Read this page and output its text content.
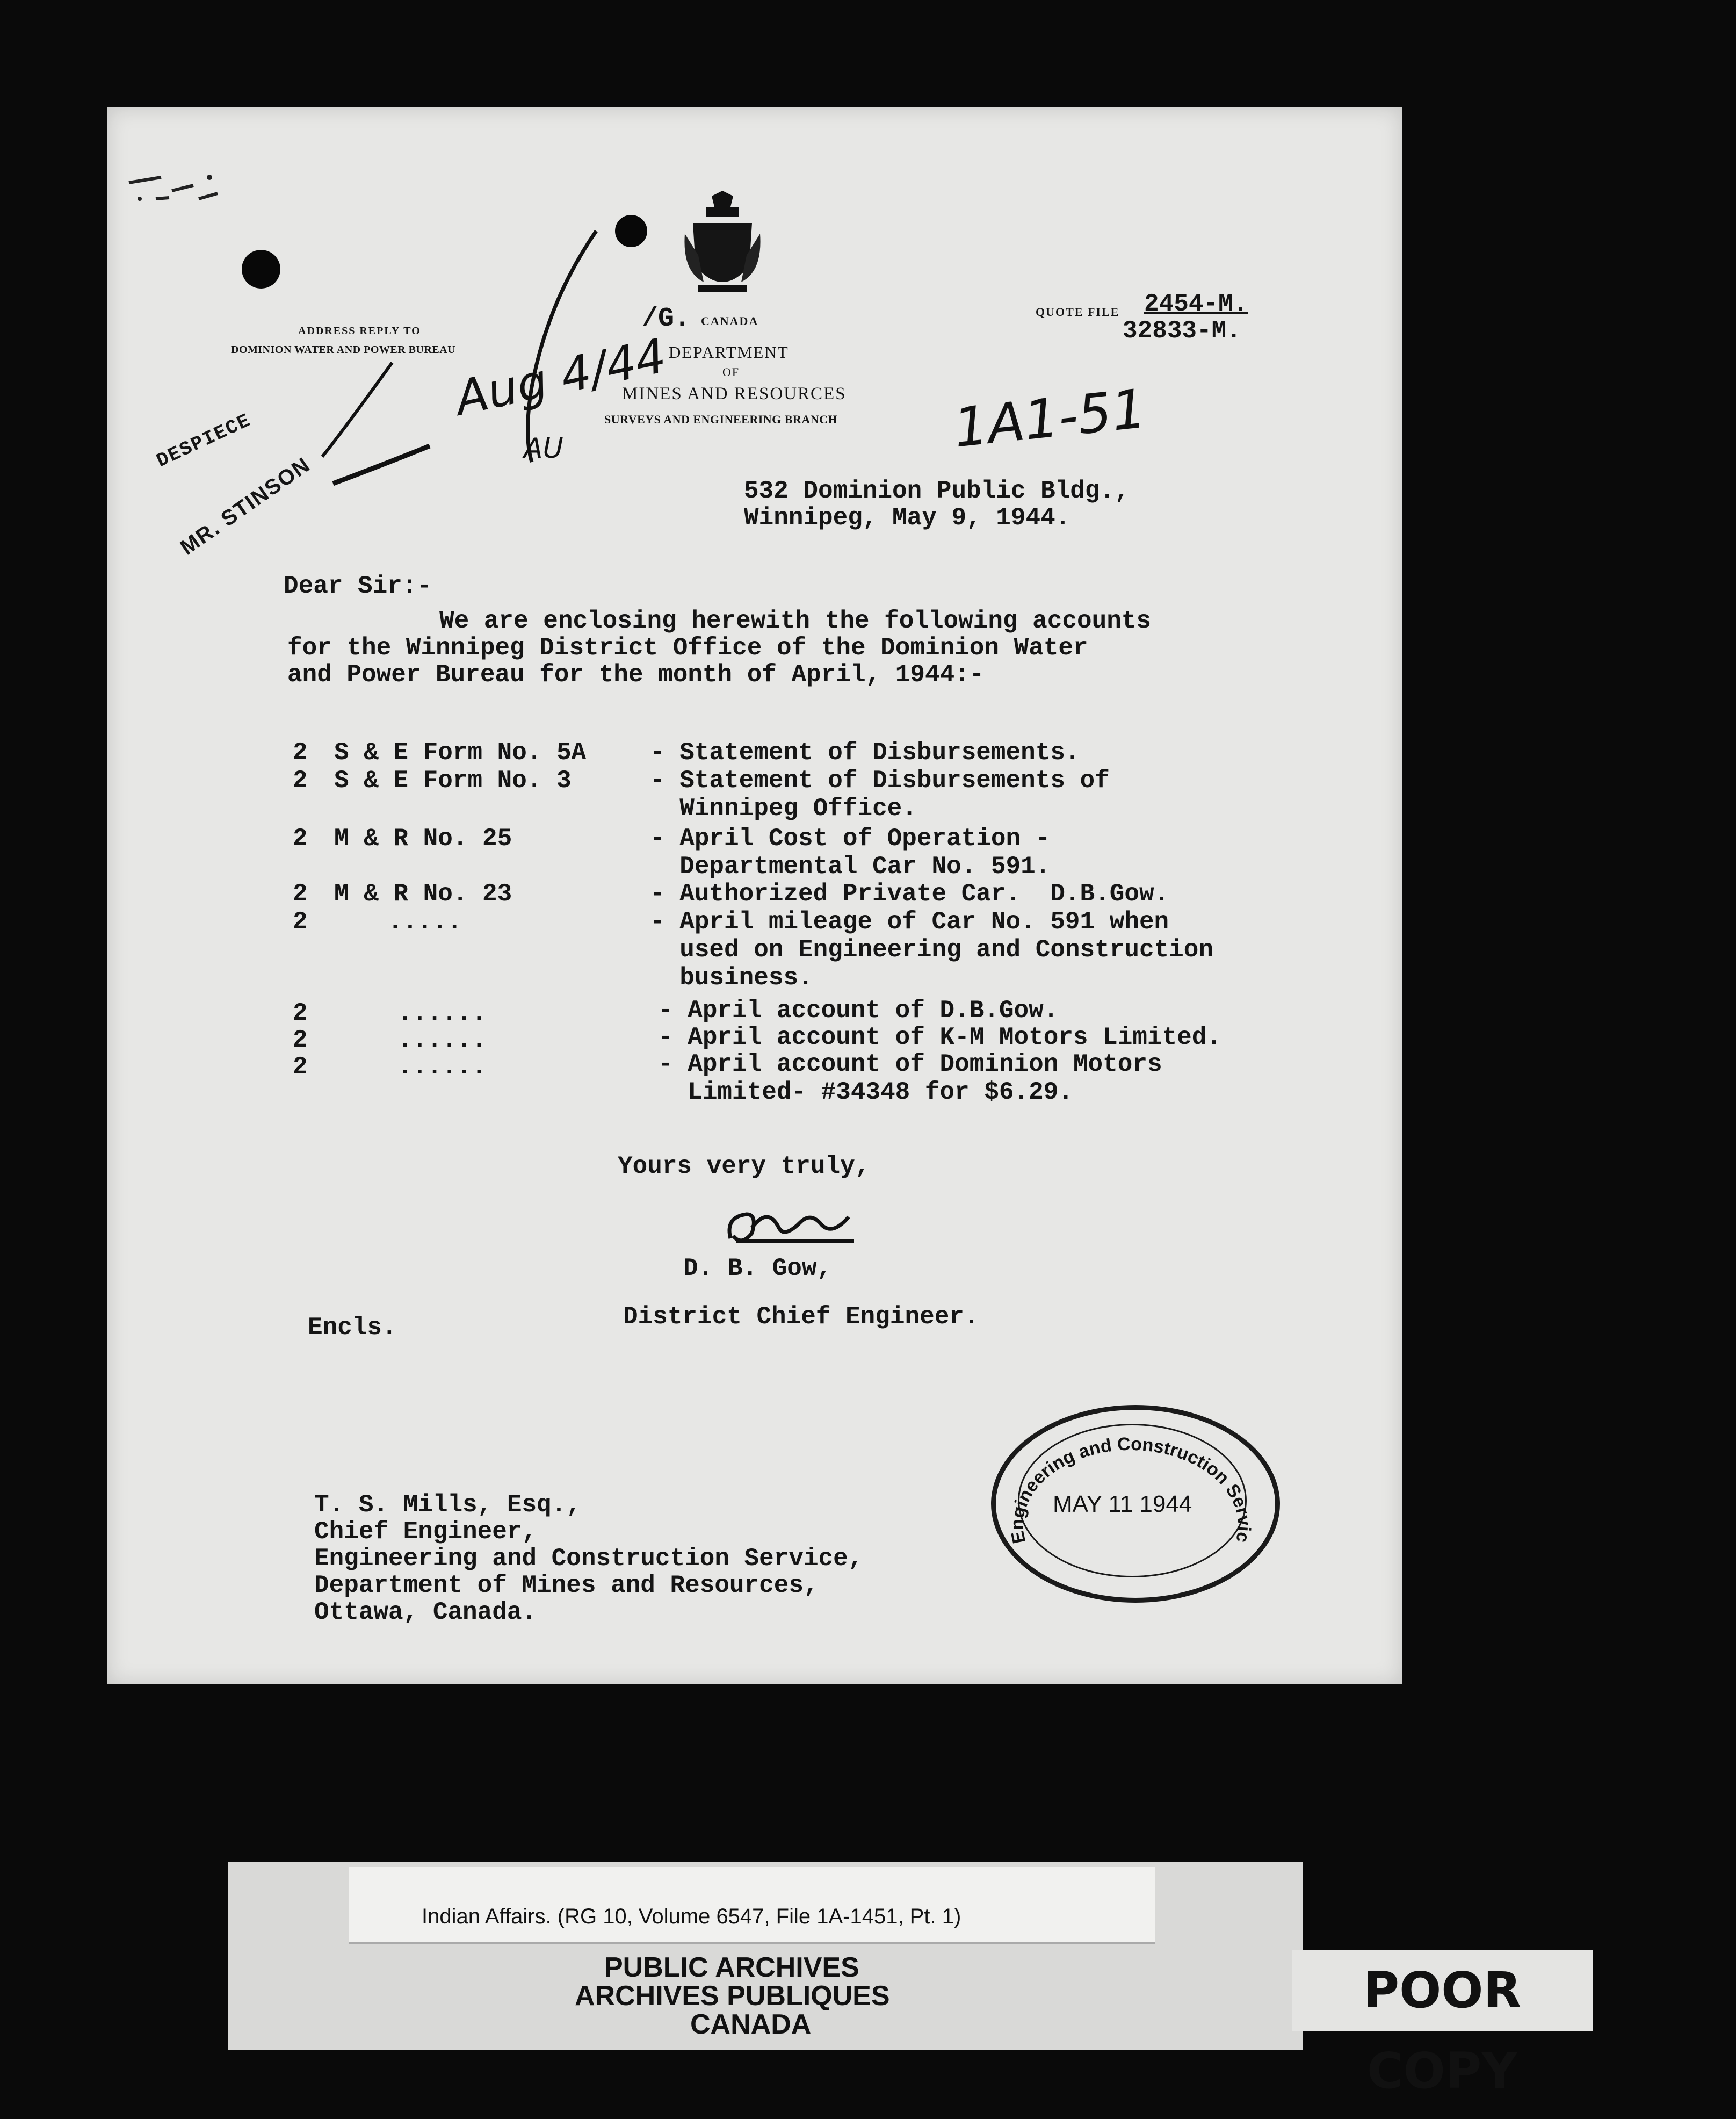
ADDRESS REPLY TO
DOMINION WATER AND POWER BUREAU
/G. CANADA
DEPARTMENT
OF
MINES AND RESOURCES
SURVEYS AND ENGINEERING BRANCH
QUOTE FILE 2454-M.
32833-M.
Aug 4/44
AU	1A1-51
DESPIECE
MR. STINSON	532 Dominion Public Bldg.,
Winnipeg, May 9, 1944.
Dear Sir:-
We are enclosing herewith the following accounts
for the Winnipeg District Office of the Dominion Water
and Power Bureau for the month of April, 1944:-
2 S & E Form No. 5A	- Statement of Disbursements.
2 S & E Form No. 3	- Statement of Disbursements of
Winnipeg Office.
2 M & R No. 25	- April Cost of Operation -
Departmental Car No. 591.
2 M & R No. 23	- Authorized Private Car.  D.B.Gow.
2	.....	- April mileage of Car No. 591 when
used on Engineering and Construction
business.
2	......	- April account of D.B.Gow.
2	......	- April account of K-M Motors Limited.
2	......	- April account of Dominion Motors
Limited- #34348 for $6.29.
Yours very truly,
D. B. Gow,
District Chief Engineer.
Encls.
T. S. Mills, Esq.,
Chief Engineer,
Engineering and Construction Service,
Department of Mines and Resources,
Ottawa, Canada.
Engineering and Construction Servic
MAY 11 1944
Indian Affairs. (RG 10, Volume 6547, File 1A-1451, Pt. 1)
PUBLIC ARCHIVES
ARCHIVES PUBLIQUES
CANADA
POOR COPY
